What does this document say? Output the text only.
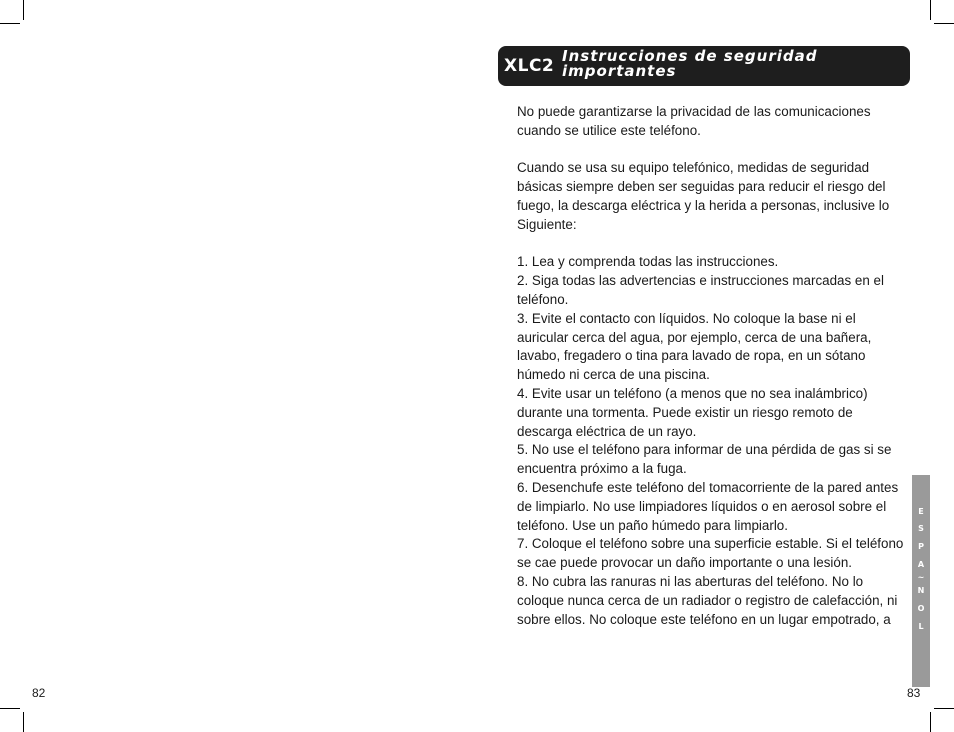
XLC2 Instrucciones de seguridad importantes

No puede garantizarse la privacidad de las comunicaciones cuando se utilice este teléfono.

Cuando se usa su equipo telefónico, medidas de seguridad básicas siempre deben ser seguidas para reducir el riesgo del fuego, la descarga eléctrica y la herida a personas, inclusive lo Siguiente:

1. Lea y comprenda todas las instrucciones.

2. Siga todas las advertencias e instrucciones marcadas en el teléfono.

3. Evite el contacto con líquidos. No coloque la base ni el auricular cerca del agua, por ejemplo, cerca de una bañera, lavabo, fregadero o tina para lavado de ropa, en un sótano húmedo ni cerca de una piscina.

4. Evite usar un teléfono (a menos que no sea inalámbrico) durante una tormenta. Puede existir un riesgo remoto de descarga eléctrica de un rayo.

5. No use el teléfono para informar de una pérdida de gas si se encuentra próximo a la fuga.

6. Desenchufe este teléfono del tomacorriente de la pared antes de limpiarlo. No use limpiadores líquidos o en aerosol sobre el teléfono. Use un paño húmedo para limpiarlo.

7. Coloque el teléfono sobre una superficie estable. Si el teléfono se cae puede provocar un daño importante o una lesión.

8. No cubra las ranuras ni las aberturas del teléfono. No lo coloque nunca cerca de un radiador o registro de calefacción, ni sobre ellos. No coloque este teléfono en un lugar empotrado, a

E
S
P
A
~
N
O
L
82	83
